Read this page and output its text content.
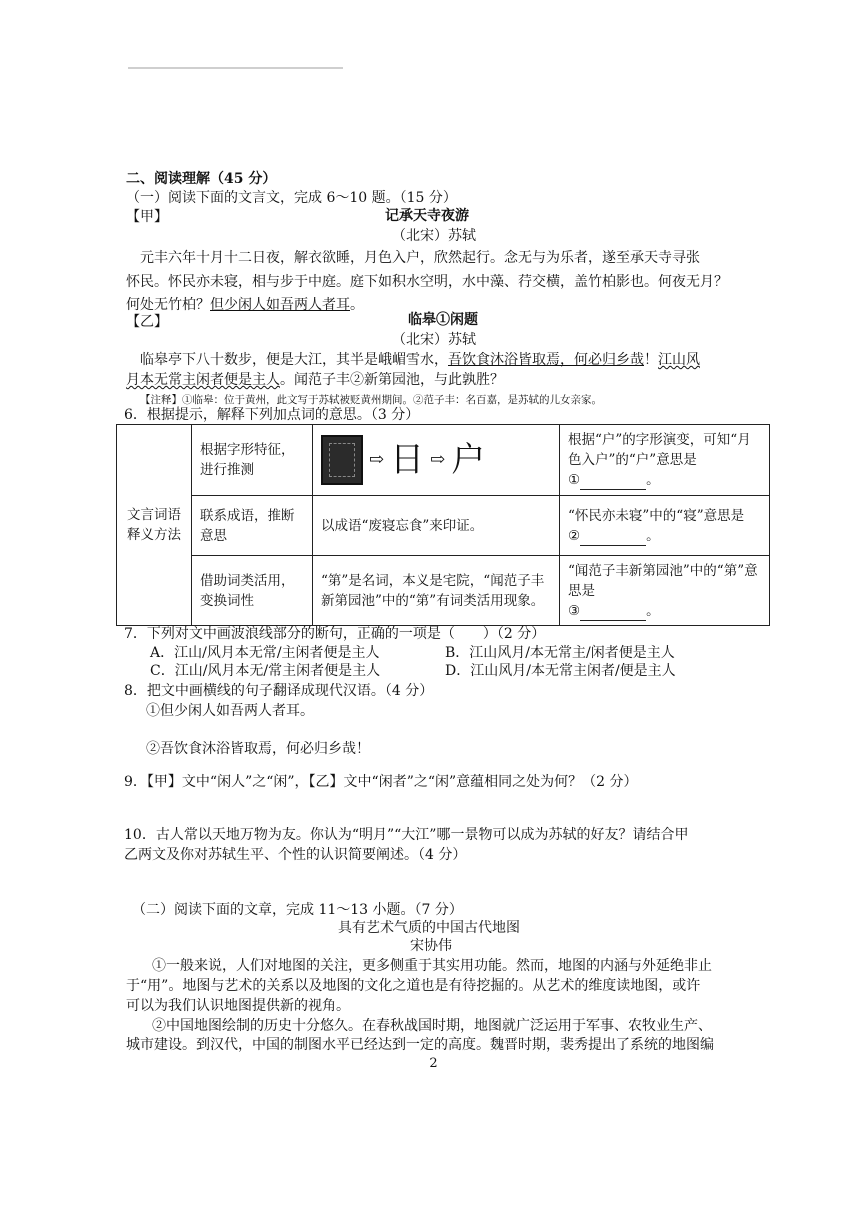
二、阅读理解（45 分）
（一）阅读下面的文言文，完成 6～10 题。（15 分）
【甲】	记承天寺夜游
（北宋）苏轼
元丰六年十月十二日夜，解衣欲睡，月色入户，欣然起行。念无与为乐者，遂至承天寺寻张
怀民。怀民亦未寝，相与步于中庭。庭下如积水空明，水中藻、荇交横，盖竹柏影也。何夜无月？
何处无竹柏？但少闲人如吾两人者耳。
【乙】	临皋①闲题
（北宋）苏轼
临皋亭下八十数步，便是大江，其半是峨嵋雪水，吾饮食沐浴皆取焉，何必归乡哉！江山风
月本无常主闲者便是主人。闻范子丰②新第园池，与此孰胜？
【注释】①临皋：位于黄州，此文写于苏轼被贬黄州期间。②范子丰：名百嘉，是苏轼的儿女亲家。
6．根据提示，解释下列加点词的意思。（3 分）
文言词语释义方法	根据字形特征，进行推测	⇨ 日 ⇨ 户	根据“户”的字形演变，可知“月色入户”的“户”意思是
① 。
	联系成语，推断意思	以成语“废寝忘食”来印证。	“怀民亦未寝”中的“寝”意思是
② 。
	借助词类活用，变换词性	“第”是名词，本义是宅院，“闻范子丰新第园池”中的“第”有词类活用现象。	“闻范子丰新第园池”中的“第”意思是
③ 。
7．下列对文中画波浪线部分的断句，正确的一项是（　　）（2 分）
A．江山/风月本无常/主闲者便是主人	B．江山风月/本无常主/闲者便是主人
C．江山/风月本无/常主闲者便是主人	D．江山风月/本无常主闲者/便是主人
8．把文中画横线的句子翻译成现代汉语。（4 分）
①但少闲人如吾两人者耳。
②吾饮食沐浴皆取焉，何必归乡哉！
9．【甲】文中“闲人”之“闲”，【乙】文中“闲者”之“闲”意蕴相同之处为何？（2 分）
10．古人常以天地万物为友。你认为“明月”“大江”哪一景物可以成为苏轼的好友？请结合甲
乙两文及你对苏轼生平、个性的认识简要阐述。（4 分）
（二）阅读下面的文章，完成 11～13 小题。（7 分）
具有艺术气质的中国古代地图
宋协伟
①一般来说，人们对地图的关注，更多侧重于其实用功能。然而，地图的内涵与外延绝非止
于“用”。地图与艺术的关系以及地图的文化之道也是有待挖掘的。从艺术的维度读地图，或许
可以为我们认识地图提供新的视角。
②中国地图绘制的历史十分悠久。在春秋战国时期，地图就广泛运用于军事、农牧业生产、
城市建设。到汉代，中国的制图水平已经达到一定的高度。魏晋时期，裴秀提出了系统的地图编
2
